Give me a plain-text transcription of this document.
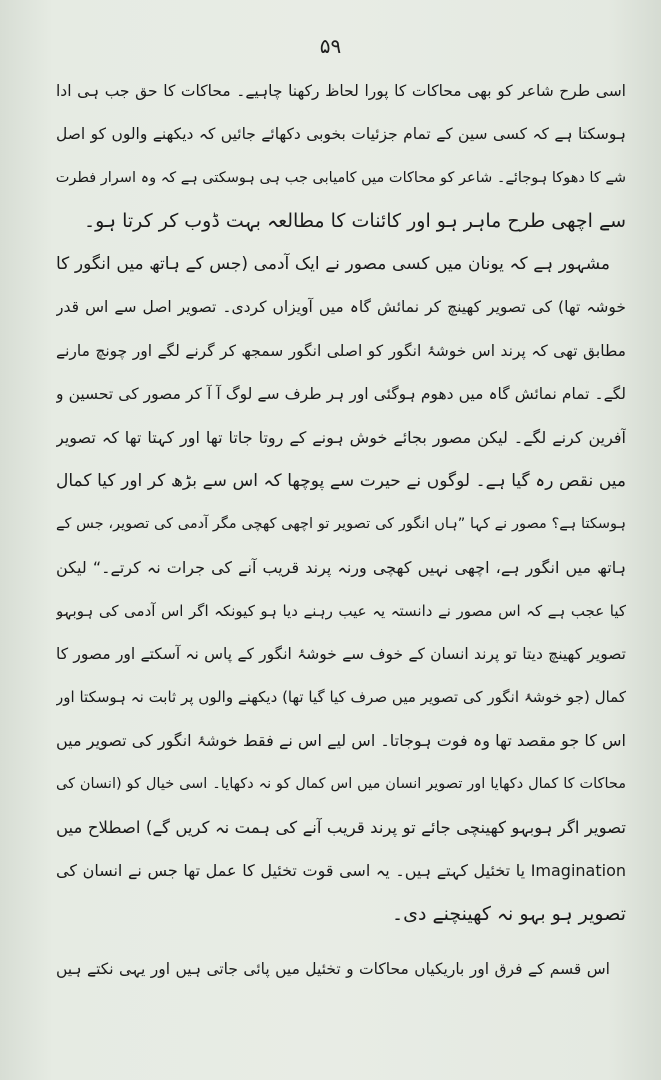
۵۹
اسی طرح شاعر کو بھی محاکات کا پورا لحاظ رکھنا چاہیے۔ محاکات کا حق جب ہی ادا
ہوسکتا ہے کہ کسی سین کے تمام جزئیات بخوبی دکھائے جائیں کہ دیکھنے والوں کو اصل
شے کا دھوکا ہوجائے۔ شاعر کو محاکات میں کامیابی جب ہی ہوسکتی ہے کہ وہ اسرار فطرت
سے اچھی طرح ماہر ہو اور کائنات کا مطالعہ بہت ڈوب کر کرتا ہو۔
مشہور ہے کہ یونان میں کسی مصور نے ایک آدمی (جس کے ہاتھ میں انگور کا
خوشہ تھا) کی تصویر کھینچ کر نمائش گاہ میں آویزاں کردی۔ تصویر اصل سے اس قدر
مطابق تھی کہ پرند اس خوشۂ انگور کو اصلی انگور سمجھ کر گرنے لگے اور چونچ مارنے
لگے۔ تمام نمائش گاہ میں دھوم ہوگئی اور ہر طرف سے لوگ آ آ کر مصور کی تحسین و
آفرین کرنے لگے۔ لیکن مصور بجائے خوش ہونے کے روتا جاتا تھا اور کہتا تھا کہ تصویر
میں نقص رہ گیا ہے۔ لوگوں نے حیرت سے پوچھا کہ اس سے بڑھ کر اور کیا کمال
ہوسکتا ہے؟ مصور نے کہا ”ہاں انگور کی تصویر تو اچھی کھچی مگر آدمی کی تصویر، جس کے
ہاتھ میں انگور ہے، اچھی نہیں کھچی ورنہ پرند قریب آنے کی جرات نہ کرتے۔“ لیکن
کیا عجب ہے کہ اس مصور نے دانستہ یہ عیب رہنے دیا ہو کیونکہ اگر اس آدمی کی ہوبہو
تصویر کھینچ دیتا تو پرند انسان کے خوف سے خوشۂ انگور کے پاس نہ آسکتے اور مصور کا
کمال (جو خوشۂ انگور کی تصویر میں صرف کیا گیا تھا) دیکھنے والوں پر ثابت نہ ہوسکتا اور
اس کا جو مقصد تھا وہ فوت ہوجاتا۔ اس لیے اس نے فقط خوشۂ انگور کی تصویر میں
محاکات کا کمال دکھایا اور تصویر انسان میں اس کمال کو نہ دکھایا۔ اسی خیال کو (انسان کی
تصویر اگر ہوبہو کھینچی جائے تو پرند قریب آنے کی ہمت نہ کریں گے) اصطلاح میں
Imagination یا تخئیل کہتے ہیں۔ یہ اسی قوت تخئیل کا عمل تھا جس نے انسان کی
تصویر ہو بہو نہ کھینچنے دی۔
اس قسم کے فرق اور باریکیاں محاکات و تخئیل میں پائی جاتی ہیں اور یہی نکتے ہیں
